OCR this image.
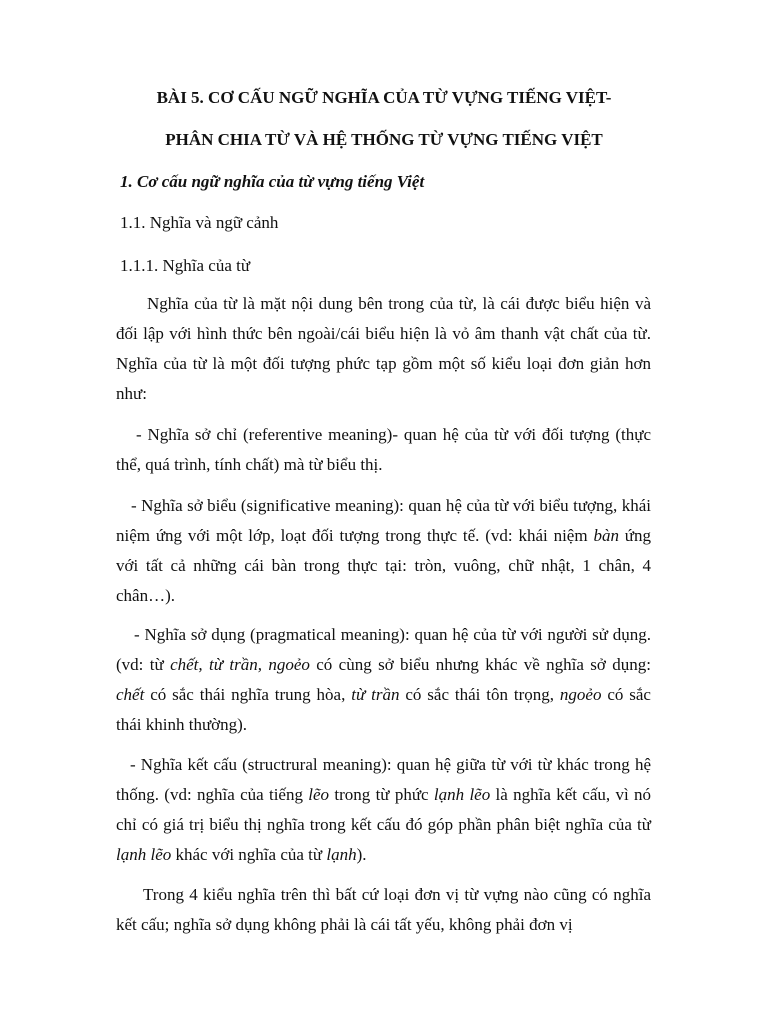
BÀI 5. CƠ CẤU NGỮ NGHĨA CỦA TỪ VỰNG TIẾNG VIỆT-
PHÂN CHIA TỪ VÀ HỆ THỐNG TỪ VỰNG TIẾNG VIỆT
1. Cơ cấu ngữ nghĩa của từ vựng tiếng Việt
1.1. Nghĩa và ngữ cảnh
1.1.1. Nghĩa của từ

Nghĩa của từ là mặt nội dung bên trong của từ, là cái được biểu hiện và đối lập với hình thức bên ngoài/cái biểu hiện là vỏ âm thanh vật chất của từ. Nghĩa của từ là một đối tượng phức tạp gồm một số kiểu loại đơn giản hơn như:

- Nghĩa sở chỉ (referentive meaning)- quan hệ của từ với đối tượng (thực thể, quá trình, tính chất) mà từ biểu thị.

- Nghĩa sở biểu (significative meaning): quan hệ của từ với biểu tượng, khái niệm ứng với một lớp, loạt đối tượng trong thực tế. (vd: khái niệm bàn ứng với tất cả những cái bàn trong thực tại: tròn, vuông, chữ nhật, 1 chân, 4 chân…).

- Nghĩa sở dụng (pragmatical meaning): quan hệ của từ với người sử dụng. (vd: từ chết, từ trần, ngoẻo có cùng sở biểu nhưng khác về nghĩa sở dụng: chết có sắc thái nghĩa trung hòa, từ trần có sắc thái tôn trọng, ngoẻo có sắc thái khinh thường).

- Nghĩa kết cấu (structrural meaning): quan hệ giữa từ với từ khác trong hệ thống. (vd: nghĩa của tiếng lẽo trong từ phức lạnh lẽo là nghĩa kết cấu, vì nó chỉ có giá trị biểu thị nghĩa trong kết cấu đó góp phần phân biệt nghĩa của từ lạnh lẽo khác với nghĩa của từ lạnh).

Trong 4 kiểu nghĩa trên thì bất cứ loại đơn vị từ vựng nào cũng có nghĩa kết cấu; nghĩa sở dụng không phải là cái tất yếu, không phải đơn vị
